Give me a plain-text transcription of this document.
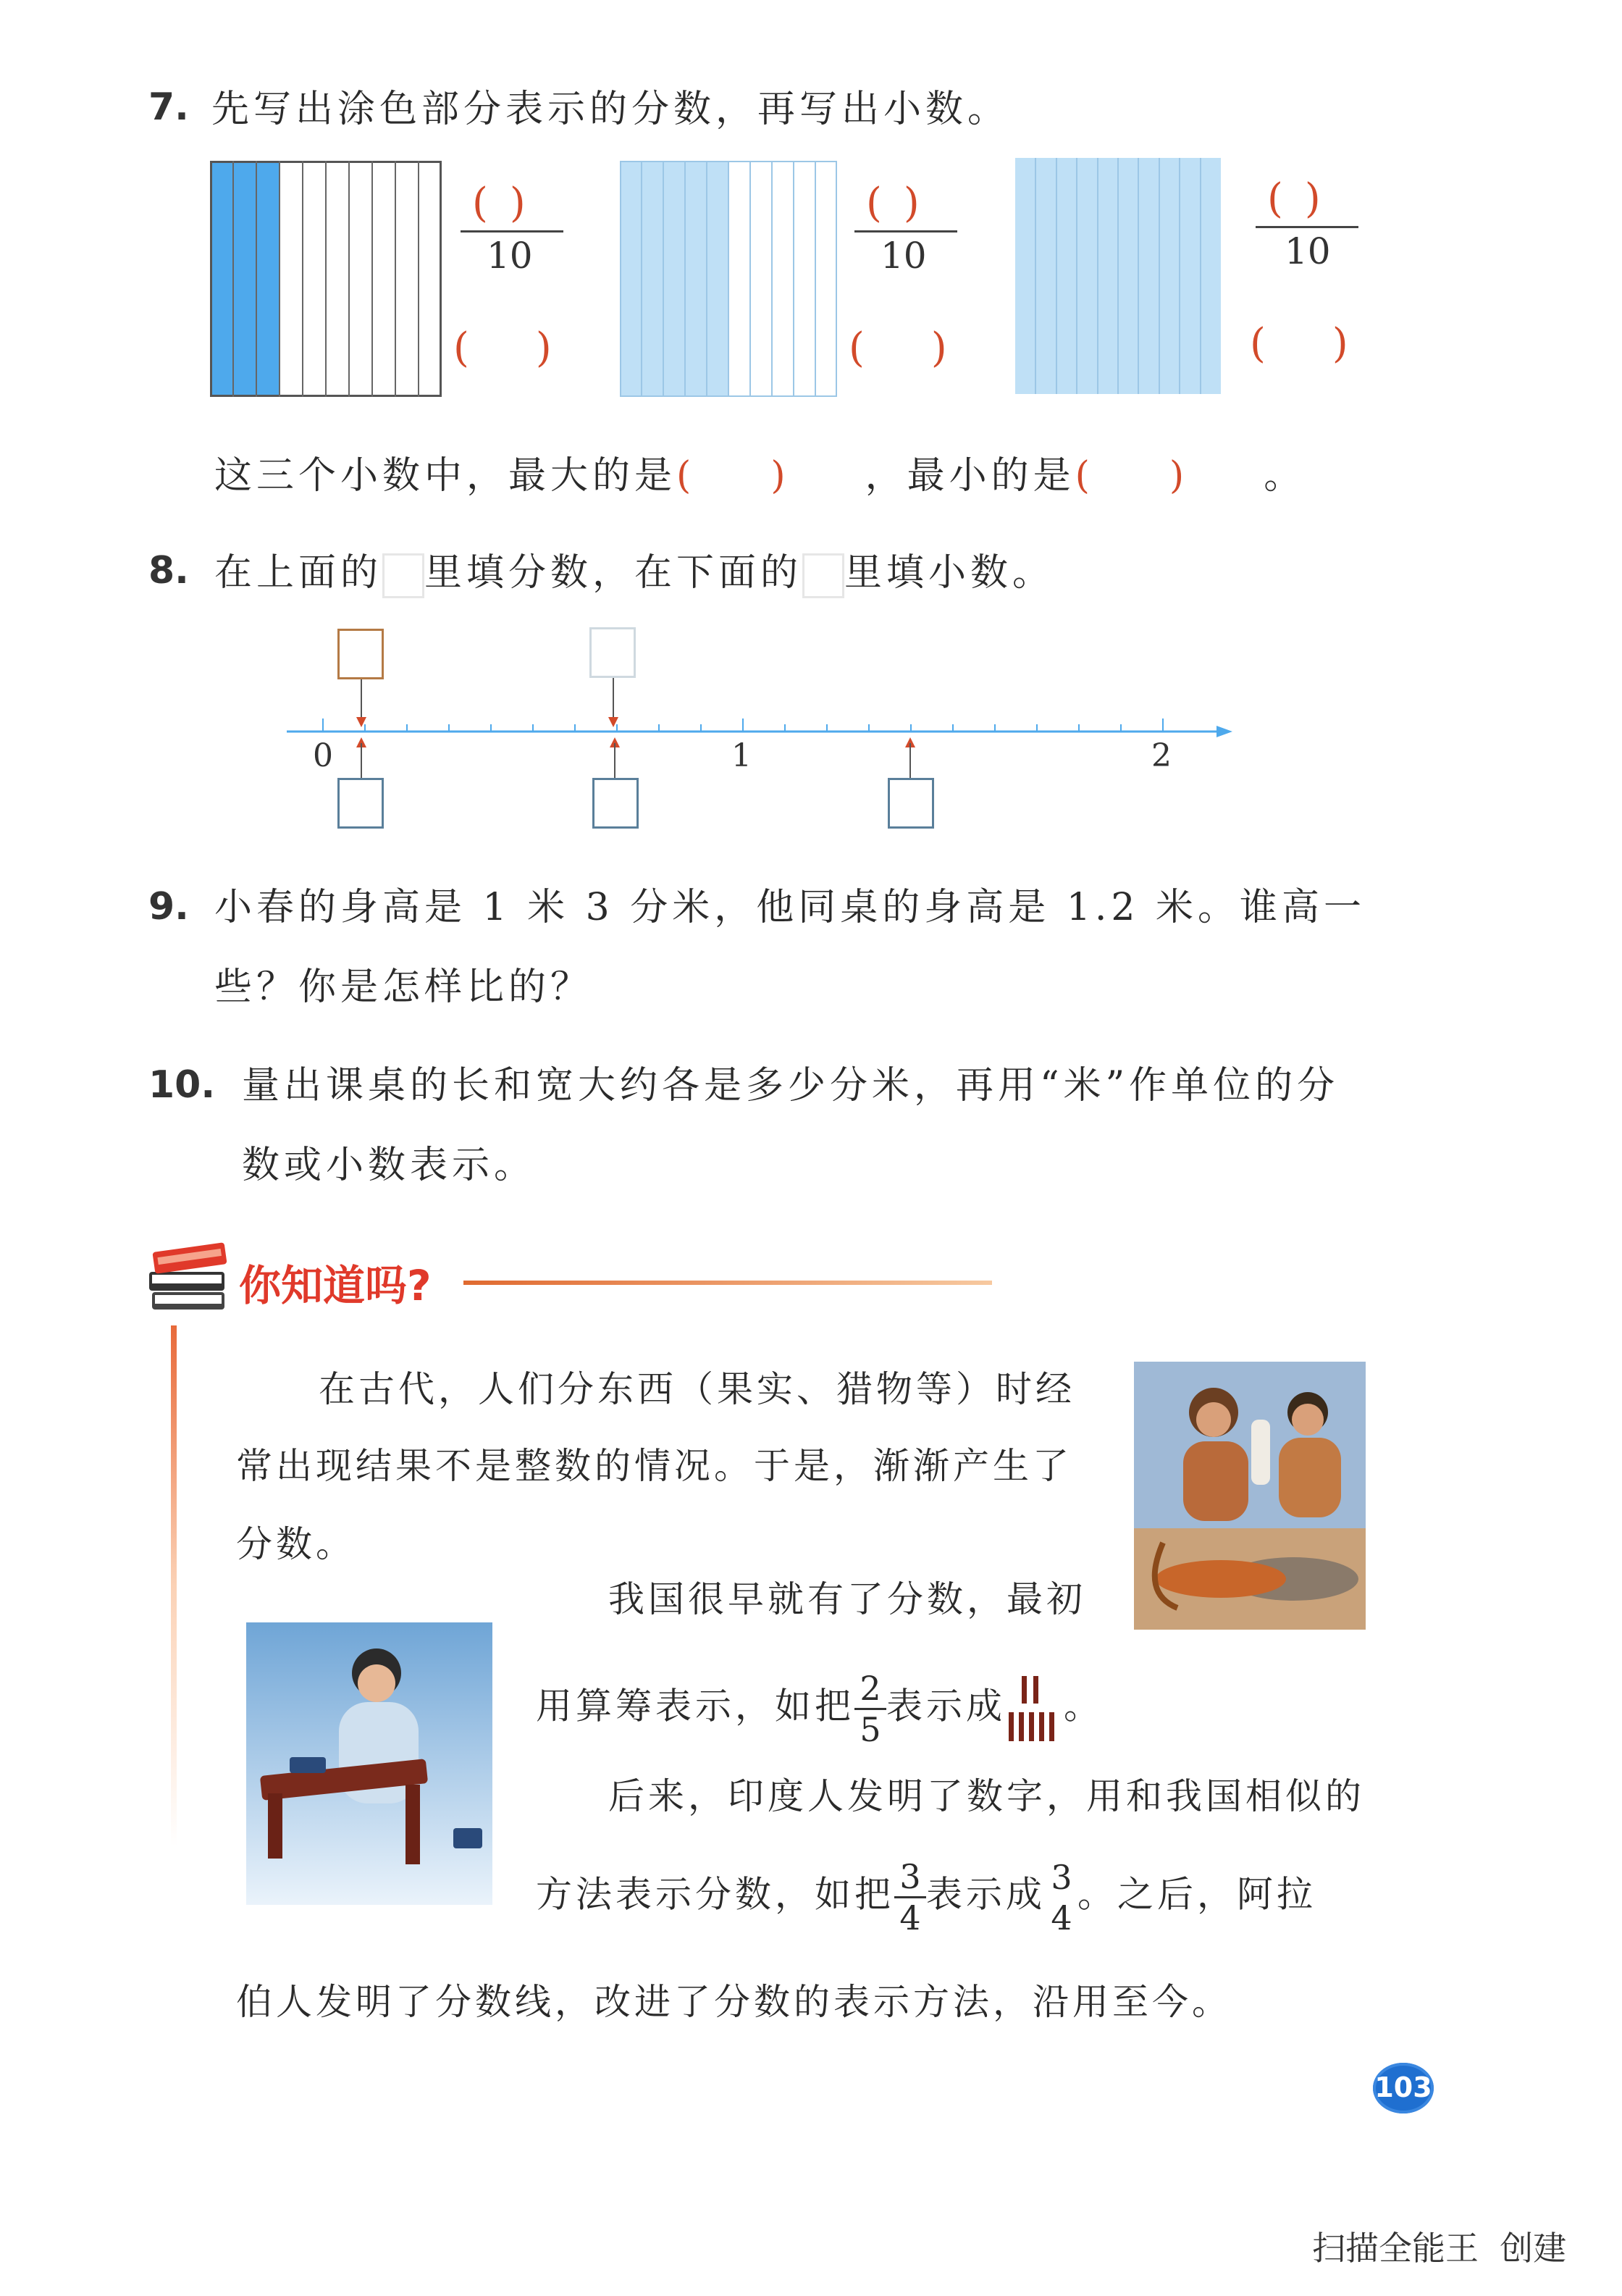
7. 先写出涂色部分表示的分数，再写出小数。
()
10
()
()
10
()
()
10
()
这三个小数中，最大的是()，最小的是()。
8. 在上面的 里填分数，在下面的 里填小数。
0	1	2
9. 小春的身高是 1 米 3 分米，他同桌的身高是 1.2 米。谁高一
些？你是怎样比的？
10. 量出课桌的长和宽大约各是多少分米，再用“米”作单位的分
数或小数表示。
你知道吗?
在古代，人们分东西（果实、猎物等）时经
常出现结果不是整数的情况。于是，渐渐产生了
分数。
我国很早就有了分数，最初
用算筹表示，如把 $\frac{2}{5}$ 表示成 。
后来，印度人发明了数字，用和我国相似的
方法表示分数，如把 $\frac{3}{4}$ 表示成 3
4
。之后，阿拉
伯人发明了分数线，改进了分数的表示方法，沿用至今。
103
扫描全能王  创建
